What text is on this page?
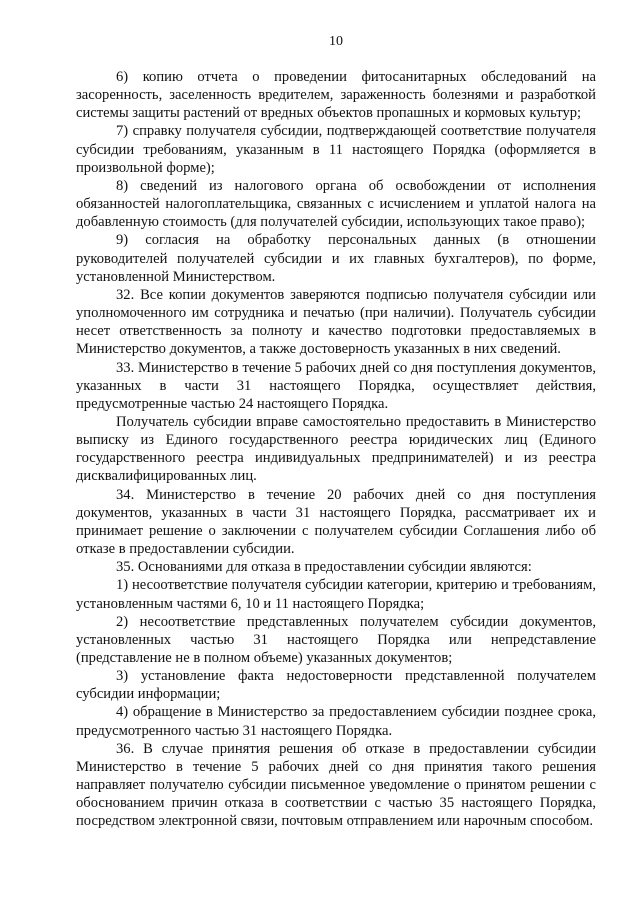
10

6) копию отчета о проведении фитосанитарных обследований на засоренность, заселенность вредителем, зараженность болезнями и разработкой системы защиты растений от вредных объектов пропашных и кормовых культур;

7) справку получателя субсидии, подтверждающей соответствие получателя субсидии требованиям, указанным в 11 настоящего Порядка (оформляется в произвольной форме);

8) сведений из налогового органа об освобождении от исполнения обязанностей налогоплательщика, связанных с исчислением и уплатой налога на добавленную стоимость (для получателей субсидии, использующих такое право);

9) согласия на обработку персональных данных (в отношении руководителей получателей субсидии и их главных бухгалтеров), по форме, установленной Министерством.

32. Все копии документов заверяются подписью получателя субсидии или уполномоченного им сотрудника и печатью (при наличии). Получатель субсидии несет ответственность за полноту и качество подготовки предоставляемых в Министерство документов, а также достоверность указанных в них сведений.

33. Министерство в течение 5 рабочих дней со дня поступления документов, указанных в части 31 настоящего Порядка, осуществляет действия, предусмотренные частью 24 настоящего Порядка.

Получатель субсидии вправе самостоятельно предоставить в Министерство выписку из Единого государственного реестра юридических лиц (Единого государственного реестра индивидуальных предпринимателей) и из реестра дисквалифицированных лиц.

34. Министерство в течение 20 рабочих дней со дня поступления документов, указанных в части 31 настоящего Порядка, рассматривает их и принимает решение о заключении с получателем субсидии Соглашения либо об отказе в предоставлении субсидии.

35. Основаниями для отказа в предоставлении субсидии являются:

1) несоответствие получателя субсидии категории, критерию и требованиям, установленным частями 6, 10 и 11 настоящего Порядка;

2) несоответствие представленных получателем субсидии документов, установленных частью 31 настоящего Порядка или непредставление (представление не в полном объеме) указанных документов;

3) установление факта недостоверности представленной получателем субсидии информации;

4) обращение в Министерство за предоставлением субсидии позднее срока, предусмотренного частью 31 настоящего Порядка.

36. В случае принятия решения об отказе в предоставлении субсидии Министерство в течение 5 рабочих дней со дня принятия такого решения направляет получателю субсидии письменное уведомление о принятом решении с обоснованием причин отказа в соответствии с частью 35 настоящего Порядка, посредством электронной связи, почтовым отправлением или нарочным способом.
